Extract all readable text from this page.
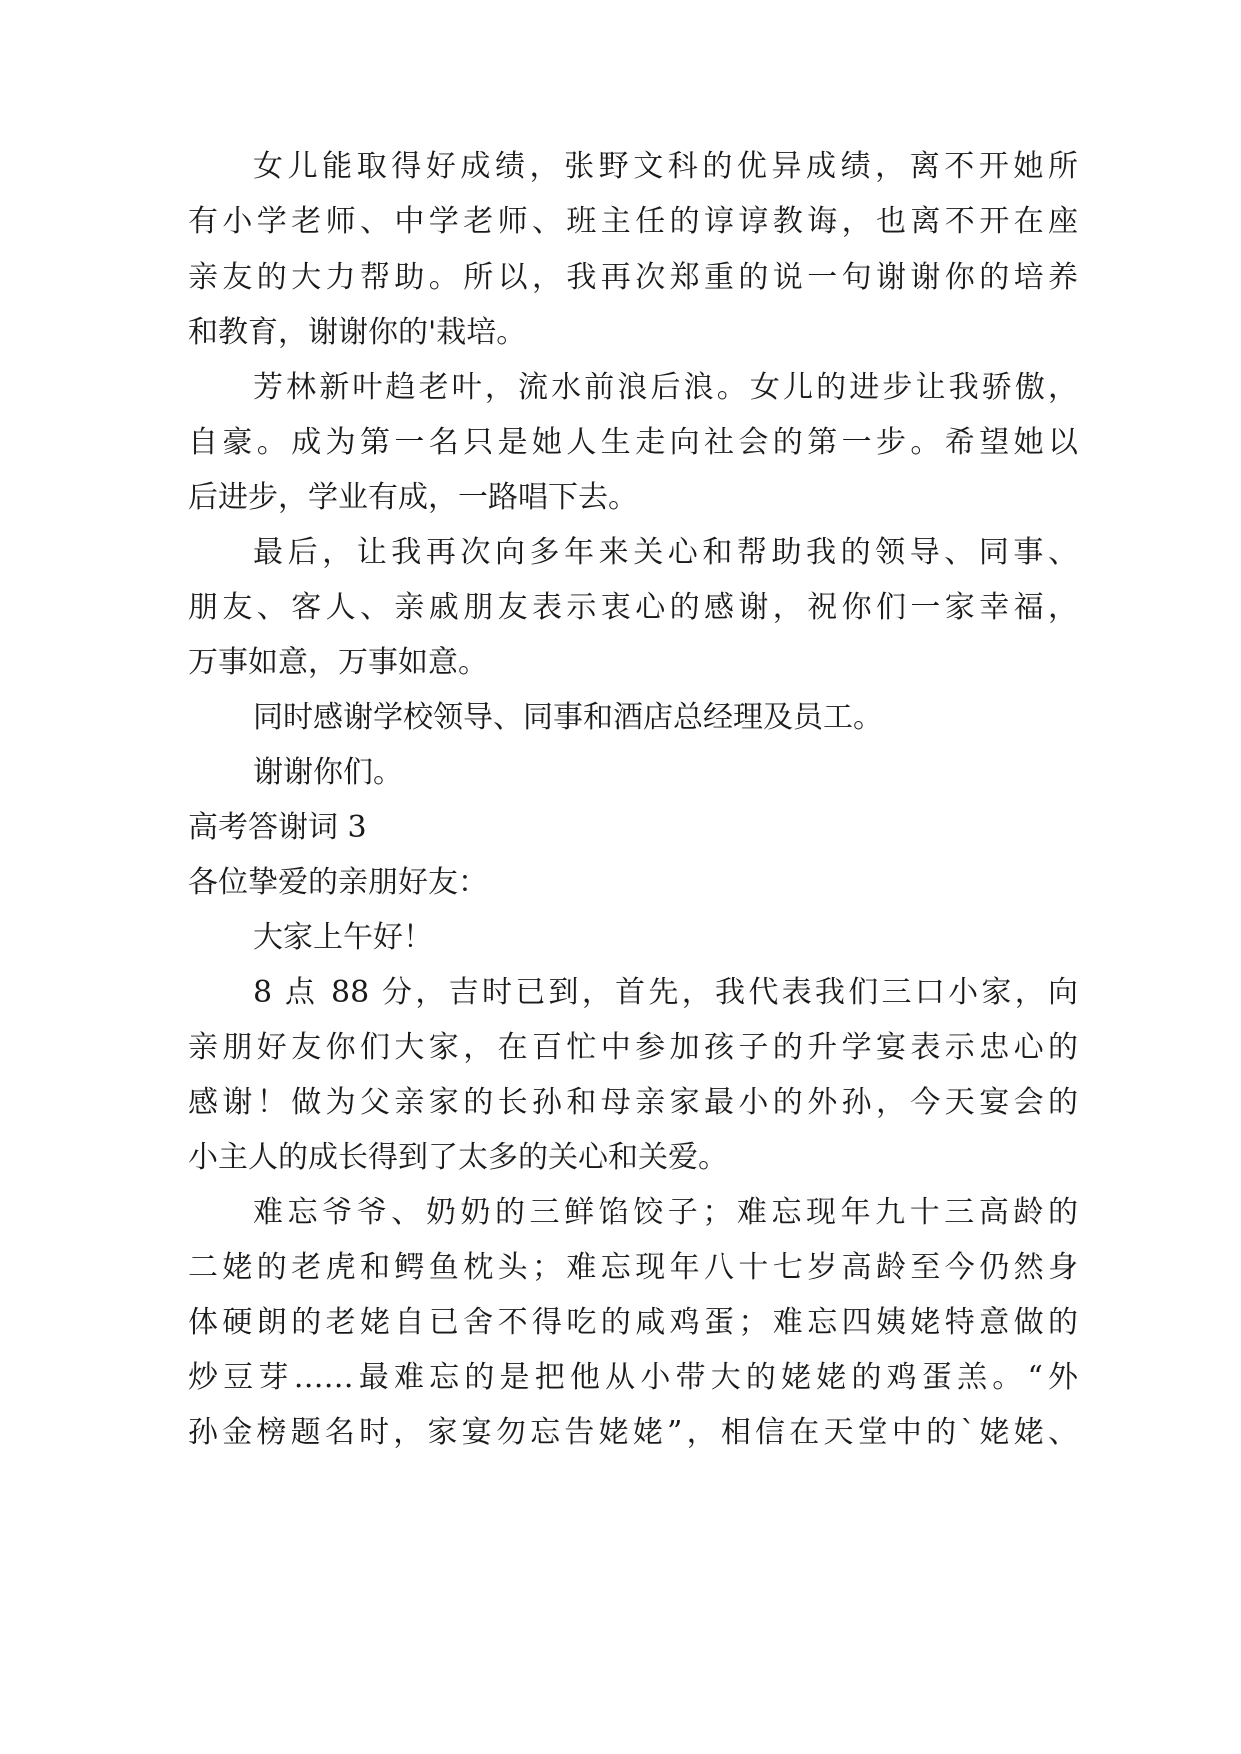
女儿能取得好成绩，张野文科的优异成绩，离不开她所
有小学老师、中学老师、班主任的谆谆教诲，也离不开在座
亲友的大力帮助。所以，我再次郑重的说一句谢谢你的培养
和教育，谢谢你的'栽培。
芳林新叶趋老叶，流水前浪后浪。女儿的进步让我骄傲，
自豪。成为第一名只是她人生走向社会的第一步。希望她以
后进步，学业有成，一路唱下去。
最后，让我再次向多年来关心和帮助我的领导、同事、
朋友、客人、亲戚朋友表示衷心的感谢，祝你们一家幸福，
万事如意，万事如意。
同时感谢学校领导、同事和酒店总经理及员工。
谢谢你们。
高考答谢词 3
各位挚爱的亲朋好友：
大家上午好！
8 点 88 分，吉时已到，首先，我代表我们三口小家，向
亲朋好友你们大家，在百忙中参加孩子的升学宴表示忠心的
感谢！做为父亲家的长孙和母亲家最小的外孙，今天宴会的
小主人的成长得到了太多的关心和关爱。
难忘爷爷、奶奶的三鲜馅饺子；难忘现年九十三高龄的
二姥的老虎和鳄鱼枕头；难忘现年八十七岁高龄至今仍然身
体硬朗的老姥自已舍不得吃的咸鸡蛋；难忘四姨姥特意做的
炒豆芽……最难忘的是把他从小带大的姥姥的鸡蛋羔。“外
孙金榜题名时，家宴勿忘告姥姥”，相信在天堂中的`姥姥、
